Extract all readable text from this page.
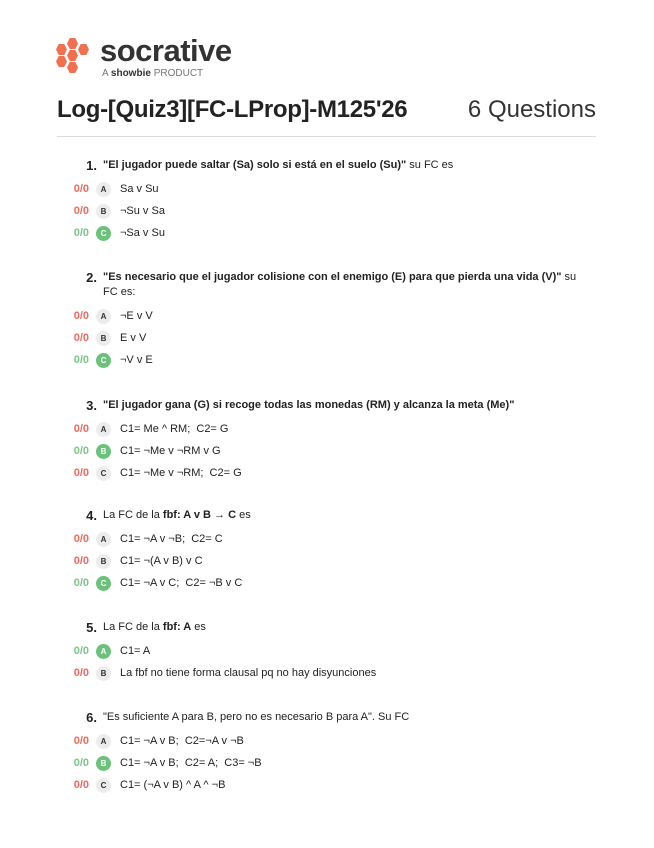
socrative
A showbie PRODUCT
Log-[Quiz3][FC-LProp]-M125'26	6 Questions
1. "El jugador puede saltar (Sa) solo si está en el suelo (Su)" su FC es
0/0	A	Sa v Su
0/0	B	¬Su v Sa
0/0	C	¬Sa v Su
2. "Es necesario que el jugador colisione con el enemigo (E) para que pierda una vida (V)" su FC es:
0/0	A	¬E v V
0/0	B	E v V
0/0	C	¬V v E
3. "El jugador gana (G) si recoge todas las monedas (RM) y alcanza la meta (Me)"
0/0	A	C1= Me ^ RM;  C2= G
0/0	B	C1= ¬Me v ¬RM v G
0/0	C	C1= ¬Me v ¬RM;  C2= G
4. La FC de la fbf: A v B → C es
0/0	A	C1= ¬A v ¬B;  C2= C
0/0	B	C1= ¬(A v B) v C
0/0	C	C1= ¬A v C;  C2= ¬B v C
5. La FC de la fbf: A es
0/0	A	C1= A
0/0	B	La fbf no tiene forma clausal pq no hay disyunciones
6. "Es suficiente A para B, pero no es necesario B para A". Su FC
0/0	A	C1= ¬A v B;  C2=¬A v ¬B
0/0	B	C1= ¬A v B;  C2= A;  C3= ¬B
0/0	C	C1= (¬A v B) ^ A ^ ¬B
